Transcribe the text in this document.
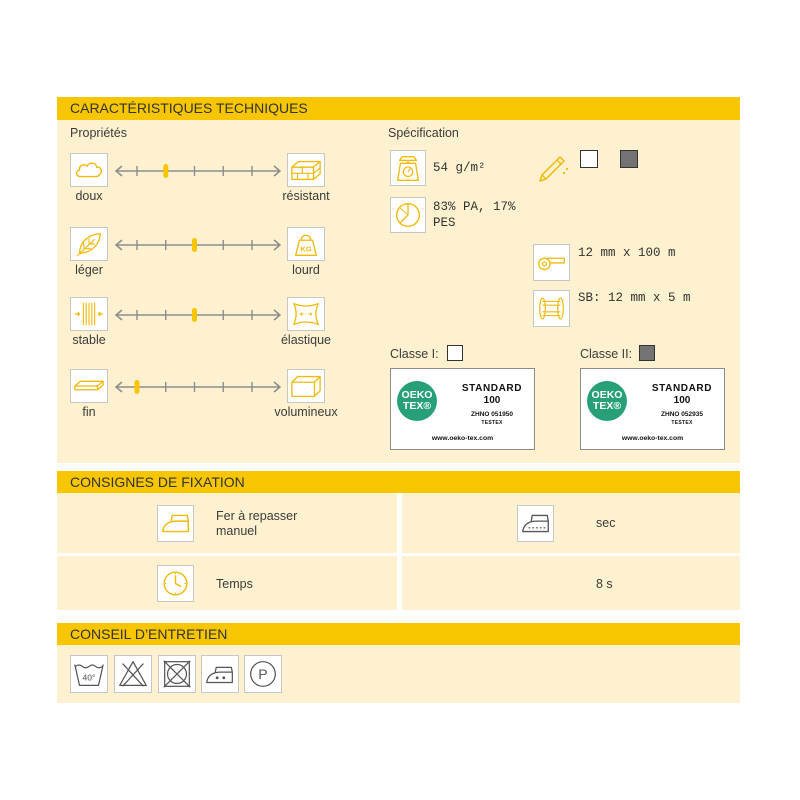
CARACTÉRISTIQUES TECHNIQUES
Propriétés
doux	résistant
KG
léger	lourd
stable	élastique
fin	volumineux
Spécification
54 g/m²
83% PA, 17% PES
12 mm x 100 m
SB: 12 mm x 5 m
Classe I:	Classe II:
OEKO
TEX®
STANDARD
100
ZHNO 051950
TESTEX
www.oeko-tex.com
OEKO
TEX®
STANDARD
100
ZHNO 052935
TESTEX
www.oeko-tex.com
CONSIGNES DE FIXATION
Fer à repasser manuel
sec
Temps	8 s
CONSEIL D’ENTRETIEN
40°	P
